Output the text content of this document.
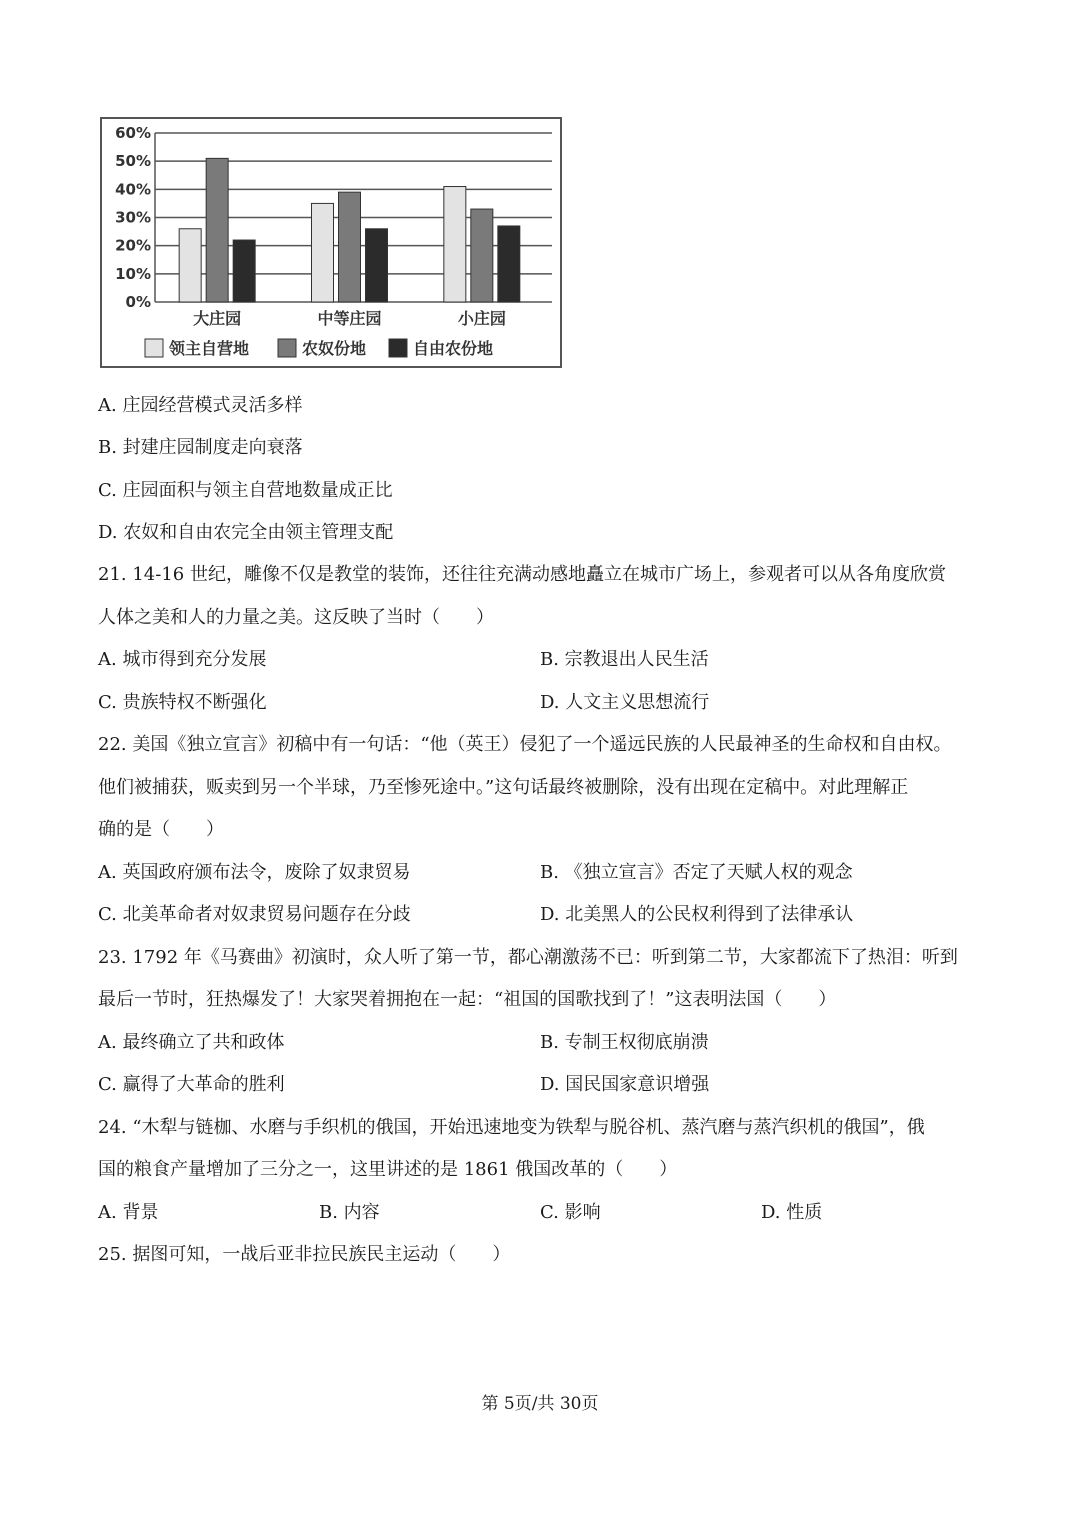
0%
10%
20%
30%
40%
50%
60%
大庄园	中等庄园	小庄园
领主自营地	农奴份地	自由农份地
A. 庄园经营模式灵活多样
B. 封建庄园制度走向衰落
C. 庄园面积与领主自营地数量成正比
D. 农奴和自由农完全由领主管理支配
21. 14-16 世纪，雕像不仅是教堂的装饰，还往往充满动感地矗立在城市广场上，参观者可以从各角度欣赏
人体之美和人的力量之美。这反映了当时（　　）
A. 城市得到充分发展	B. 宗教退出人民生活
C. 贵族特权不断强化	D. 人文主义思想流行
22. 美国《独立宣言》初稿中有一句话：“他（英王）侵犯了一个遥远民族的人民最神圣的生命权和自由权。
他们被捕获，贩卖到另一个半球，乃至惨死途中。”这句话最终被删除，没有出现在定稿中。对此理解正
确的是（　　）
A. 英国政府颁布法令，废除了奴隶贸易	B. 《独立宣言》否定了天赋人权的观念
C. 北美革命者对奴隶贸易问题存在分歧	D. 北美黑人的公民权利得到了法律承认
23. 1792 年《马赛曲》初演时，众人听了第一节，都心潮激荡不已：听到第二节，大家都流下了热泪：听到
最后一节时，狂热爆发了！大家哭着拥抱在一起：“祖国的国歌找到了！”这表明法国（　　）
A. 最终确立了共和政体	B. 专制王权彻底崩溃
C. 赢得了大革命的胜利	D. 国民国家意识增强
24. “木犁与链枷、水磨与手织机的俄国，开始迅速地变为铁犁与脱谷机、蒸汽磨与蒸汽织机的俄国”，俄
国的粮食产量增加了三分之一，这里讲述的是 1861 俄国改革的（　　）
A. 背景	B. 内容	C. 影响	D. 性质
25. 据图可知，一战后亚非拉民族民主运动（　　）
第 5页/共 30页
